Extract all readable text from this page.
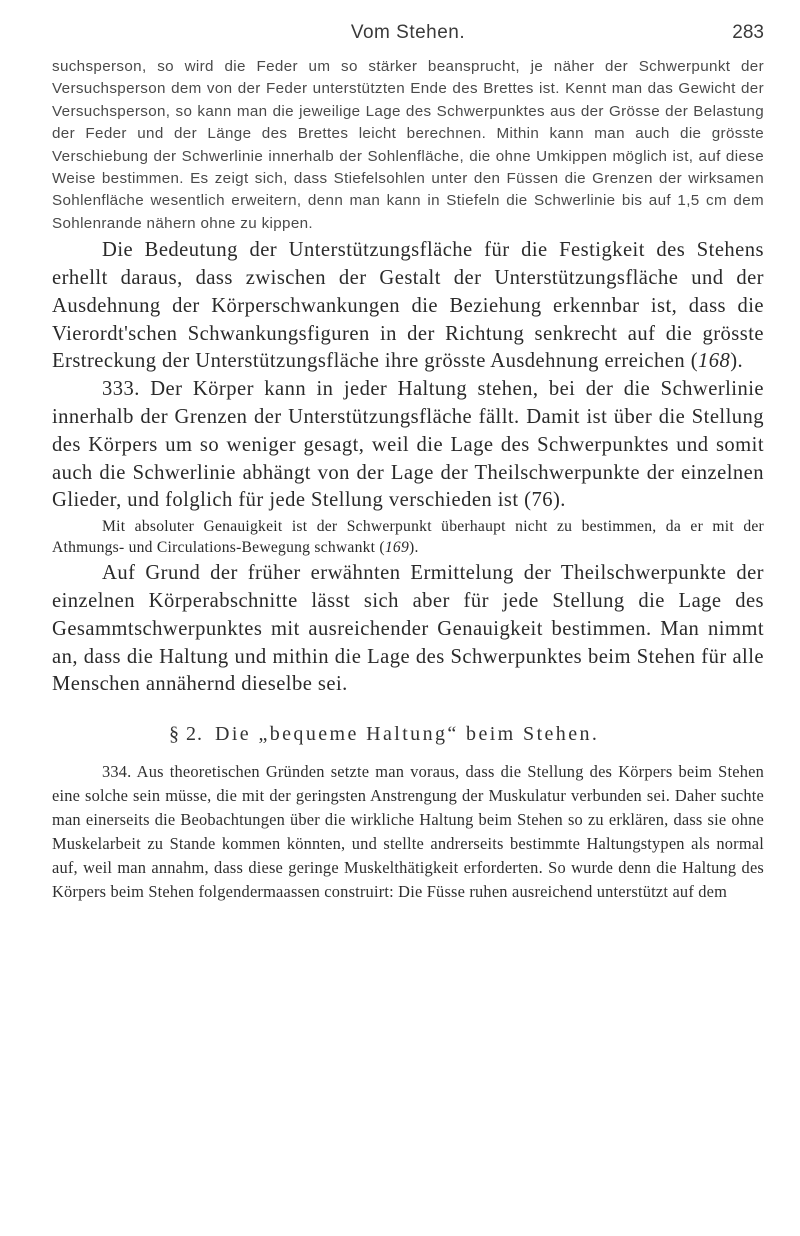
Vom Stehen.	283

suchsperson, so wird die Feder um so stärker beansprucht, je näher der Schwerpunkt der Versuchsperson dem von der Feder unterstützten Ende des Brettes ist. Kennt man das Gewicht der Versuchsperson, so kann man die jeweilige Lage des Schwerpunktes aus der Grösse der Belastung der Feder und der Länge des Brettes leicht berechnen. Mithin kann man auch die grösste Verschiebung der Schwerlinie innerhalb der Sohlenfläche, die ohne Umkippen möglich ist, auf diese Weise bestimmen. Es zeigt sich, dass Stiefelsohlen unter den Füssen die Grenzen der wirksamen Sohlenfläche wesentlich erweitern, denn man kann in Stiefeln die Schwerlinie bis auf 1,5 cm dem Sohlenrande nähern ohne zu kippen.

Die Bedeutung der Unterstützungsfläche für die Festigkeit des Stehens erhellt daraus, dass zwischen der Gestalt der Unterstützungsfläche und der Ausdehnung der Körperschwankungen die Beziehung erkennbar ist, dass die Vierordt'schen Schwankungsfiguren in der Richtung senkrecht auf die grösste Erstreckung der Unterstützungsfläche ihre grösste Ausdehnung erreichen (168).

333. Der Körper kann in jeder Haltung stehen, bei der die Schwerlinie innerhalb der Grenzen der Unterstützungsfläche fällt. Damit ist über die Stellung des Körpers um so weniger gesagt, weil die Lage des Schwerpunktes und somit auch die Schwerlinie abhängt von der Lage der Theilschwerpunkte der einzelnen Glieder, und folglich für jede Stellung verschieden ist (76).

Mit absoluter Genauigkeit ist der Schwerpunkt überhaupt nicht zu bestimmen, da er mit der Athmungs- und Circulations-Bewegung schwankt (169).

Auf Grund der früher erwähnten Ermittelung der Theilschwerpunkte der einzelnen Körperabschnitte lässt sich aber für jede Stellung die Lage des Gesammtschwerpunktes mit ausreichender Genauigkeit bestimmen. Man nimmt an, dass die Haltung und mithin die Lage des Schwerpunktes beim Stehen für alle Menschen annähernd dieselbe sei.

§ 2. Die „bequeme Haltung“ beim Stehen.

334. Aus theoretischen Gründen setzte man voraus, dass die Stellung des Körpers beim Stehen eine solche sein müsse, die mit der geringsten Anstrengung der Muskulatur verbunden sei. Daher suchte man einerseits die Beobachtungen über die wirkliche Haltung beim Stehen so zu erklären, dass sie ohne Muskelarbeit zu Stande kommen könnten, und stellte andrerseits bestimmte Haltungstypen als normal auf, weil man annahm, dass diese geringe Muskelthätigkeit erforderten. So wurde denn die Haltung des Körpers beim Stehen folgendermaassen construirt: Die Füsse ruhen ausreichend unterstützt auf dem
